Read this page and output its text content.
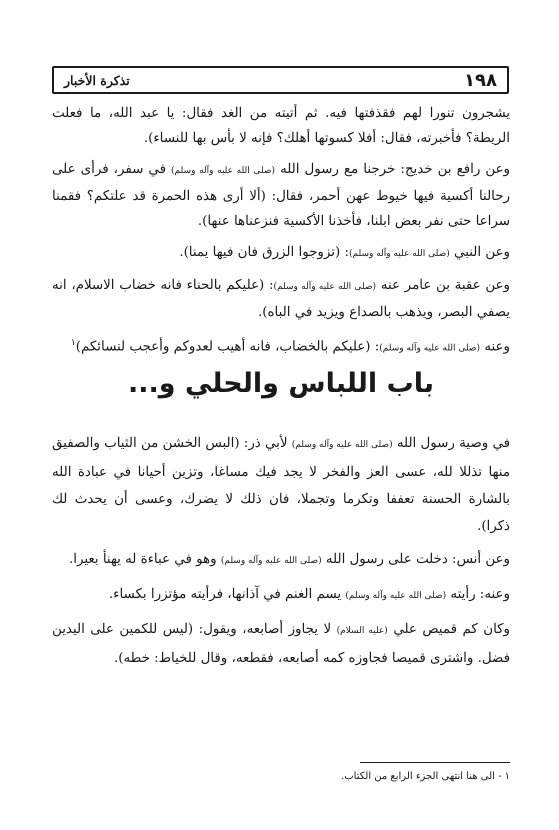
تذكرة الأخبار	١٩٨

يشجرون تنورا لهم فقذفتها فيه. ثم أتيته من الغد فقال: يا عبد الله، ما فعلت الريطة؟ فأخبرته، فقال: أفلا كسوتها أهلك؟ فإنه لا بأس بها للنساء).

وعن رافع بن خديج: خرجنا مع رسول الله (صلى الله عليه وآله وسلم) في سفر، فرأى على رحالنا أكسية فيها خيوط عهن أحمر، فقال: (ألا أرى هذه الحمرة قد علتكم؟ فقمنا سراعا حتى نفر بعض ابلنا، فأخذنا الأكسية فنزعناها عنها).

وعن النبي (صلى الله عليه وآله وسلم): (تزوجوا الزرق فان فيها يمنا).

وعن عقبة بن عامر عنه (صلى الله عليه وآله وسلم): (عليكم بالحناء فانه خضاب الاسلام، انه يصفي البصر، ويذهب بالصداع ويزيد في الباه).

وعنه (صلى الله عليه وآله وسلم): (عليكم بالخضاب، فانه أهيب لعدوكم وأعجب لنسائكم)$^١$

باب اللباس والحلي و...

في وصية رسول الله (صلى الله عليه وآله وسلم) لأبي ذر: (البس الخشن من الثياب والصفيق منها تذللا لله، عسى العز والفخر لا يجد فيك مساغا، وتزين أحيانا في عبادة الله بالشارة الحسنة تعففا وتكرما وتجملا، فان ذلك لا يضرك، وعسى أن يحدث لك ذكرا).

وعن أنس: دخلت على رسول الله (صلى الله عليه وآله وسلم) وهو في عباءة له يهنأ بعيرا.

وعنه: رأيته (صلى الله عليه وآله وسلم) يسم الغنم في آذانها، فرأيته مؤتزرا بكساء.

وكان كم قميص علي (عليه السلام) لا يجاوز أصابعه، ويقول: (ليس للكمين على اليدين فضل. واشترى قميصا فجاوزه كمه أصابعه، فقطعه، وقال للخياط: خطه).

١ - الى هنا انتهى الجزء الرابع من الكتاب.
